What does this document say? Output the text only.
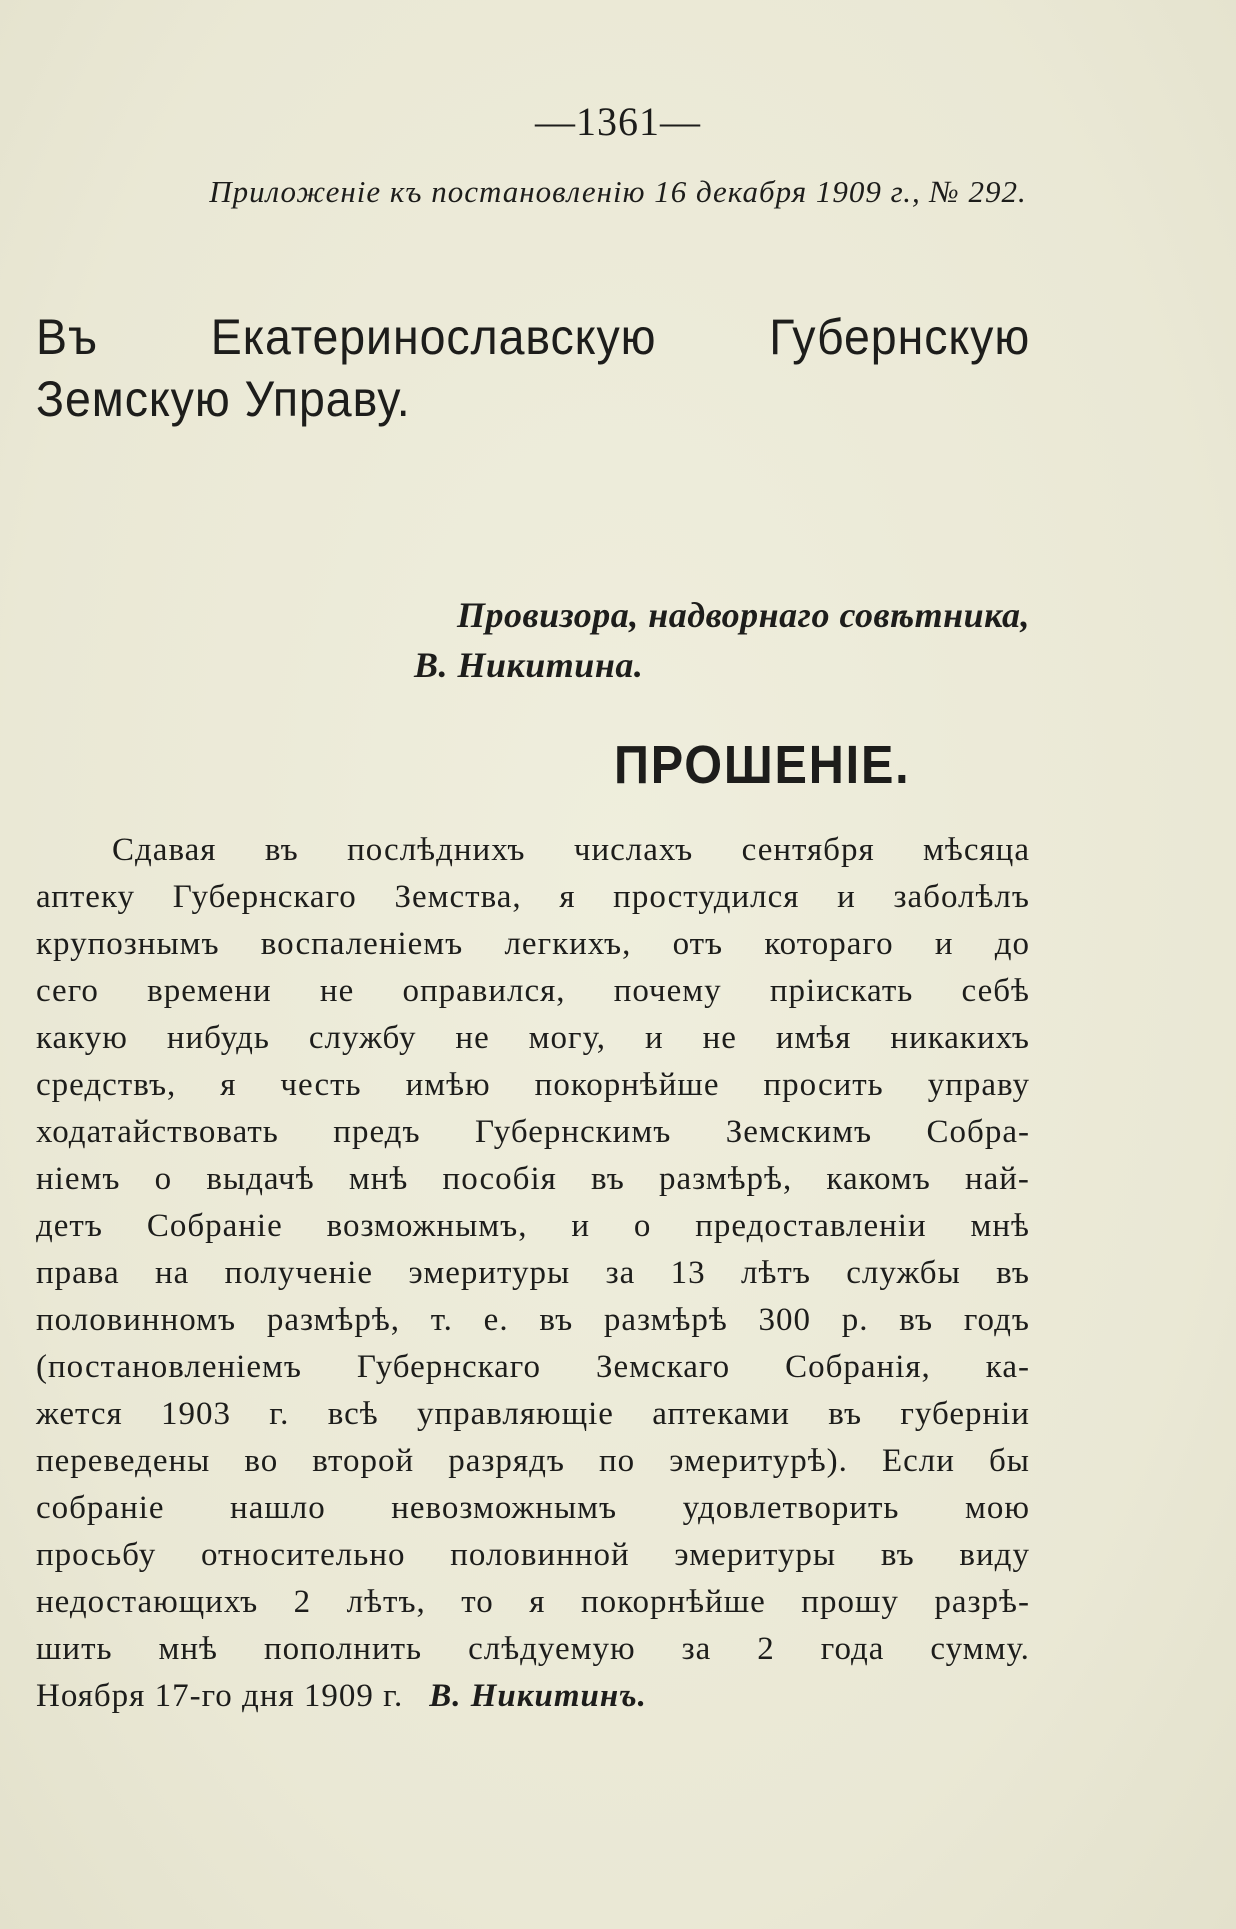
—1361—
Приложенiе къ постановленiю 16 декабря 1909 г., № 292.
Въ Екатеринославскую Губернскую Земскую Управу.
Провизора, надворнаго совѣтника,
В. Никитина.
ПРОШЕНIЕ.
Сдавая въ послѣднихъ числахъ сентября мѣсяца
аптеку Губернскаго Земства, я простудился и заболѣлъ
крупознымъ воспаленiемъ легкихъ, отъ котораго и до
сего времени не оправился, почему прiискать себѣ
какую нибудь службу не могу, и не имѣя никакихъ
средствъ, я честь имѣю покорнѣйше просить управу
ходатайствовать предъ Губернскимъ Земскимъ Собра-
нiемъ о выдачѣ мнѣ пособiя въ размѣрѣ, какомъ най-
детъ Собранiе возможнымъ, и о предоставленiи мнѣ
права на полученiе эмеритуры за 13 лѣтъ службы въ
половинномъ размѣрѣ, т. е. въ размѣрѣ 300 р. въ годъ
(постановленiемъ Губернскаго Земскаго Собранiя, ка-
жется 1903 г. всѣ управляющiе аптеками въ губернiи
переведены во второй разрядъ по эмеритурѣ). Если бы
собранiе нашло невозможнымъ удовлетворить мою
просьбу относительно половинной эмеритуры въ виду
недостающихъ 2 лѣтъ, то я покорнѣйше прошу разрѣ-
шить мнѣ пополнить слѣдуемую за 2 года сумму.
Ноября 17-го дня 1909 г. В. Никитинъ.
